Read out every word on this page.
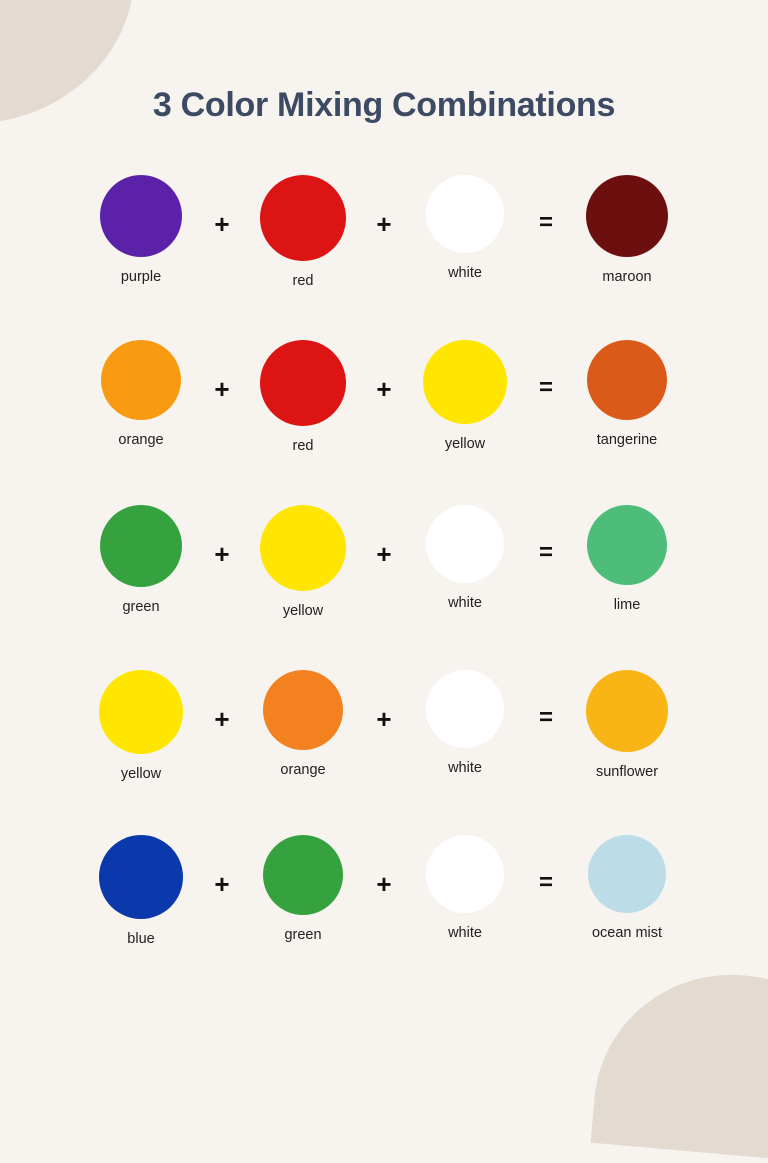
3 Color Mixing Combinations
purple
+
red
+
white
=
maroon
orange
+
red
+
yellow
=
tangerine
green
+
yellow
+
white
=
lime
yellow
+
orange
+
white
=
sunflower
blue
+
green
+
white
=
ocean mist
